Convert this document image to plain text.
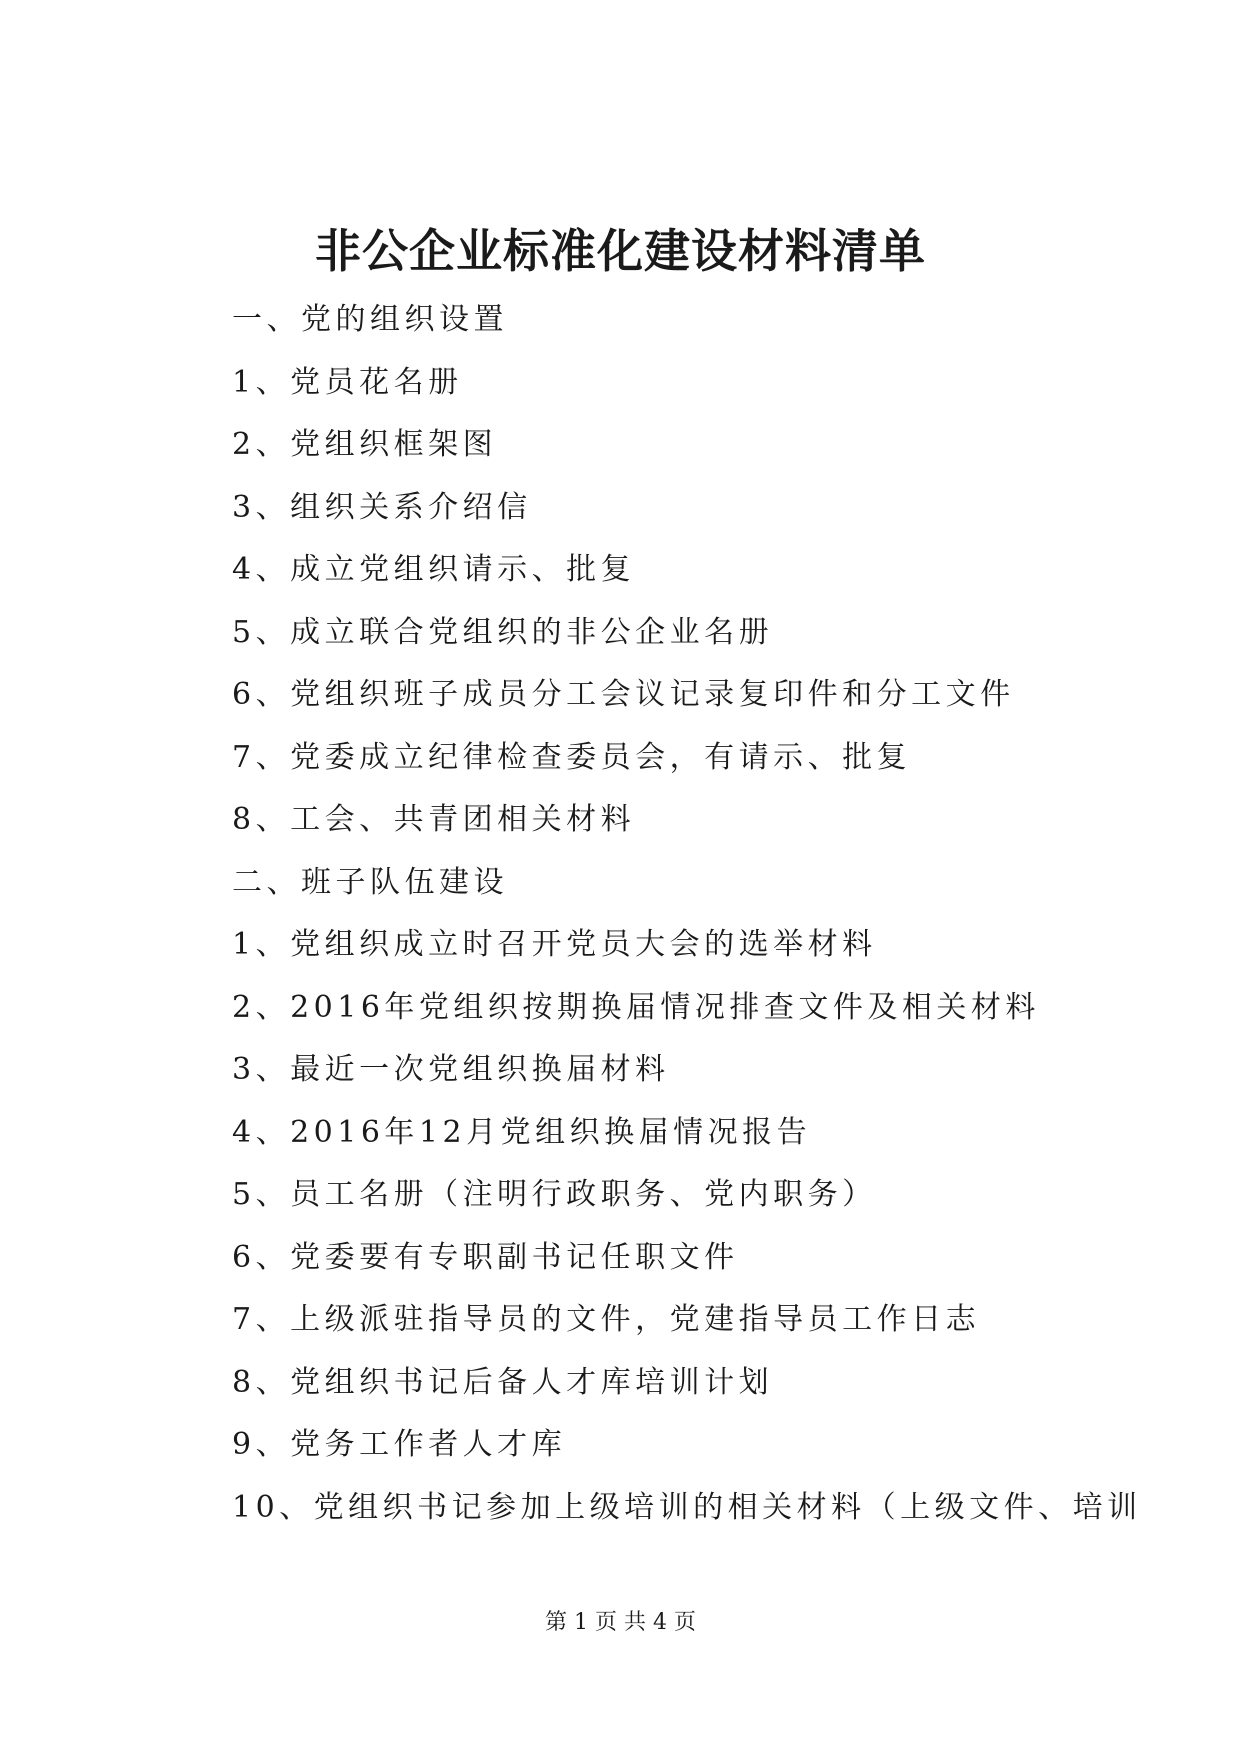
非公企业标准化建设材料清单
一、党的组织设置
1、党员花名册
2、党组织框架图
3、组织关系介绍信
4、成立党组织请示、批复
5、成立联合党组织的非公企业名册
6、党组织班子成员分工会议记录复印件和分工文件
7、党委成立纪律检查委员会，有请示、批复
8、工会、共青团相关材料
二、班子队伍建设
1、党组织成立时召开党员大会的选举材料
2、2016年党组织按期换届情况排查文件及相关材料
3、最近一次党组织换届材料
4、2016年12月党组织换届情况报告
5、员工名册（注明行政职务、党内职务）
6、党委要有专职副书记任职文件
7、上级派驻指导员的文件，党建指导员工作日志
8、党组织书记后备人才库培训计划
9、党务工作者人才库
10、党组织书记参加上级培训的相关材料（上级文件、培训
第 1 页 共 4 页
